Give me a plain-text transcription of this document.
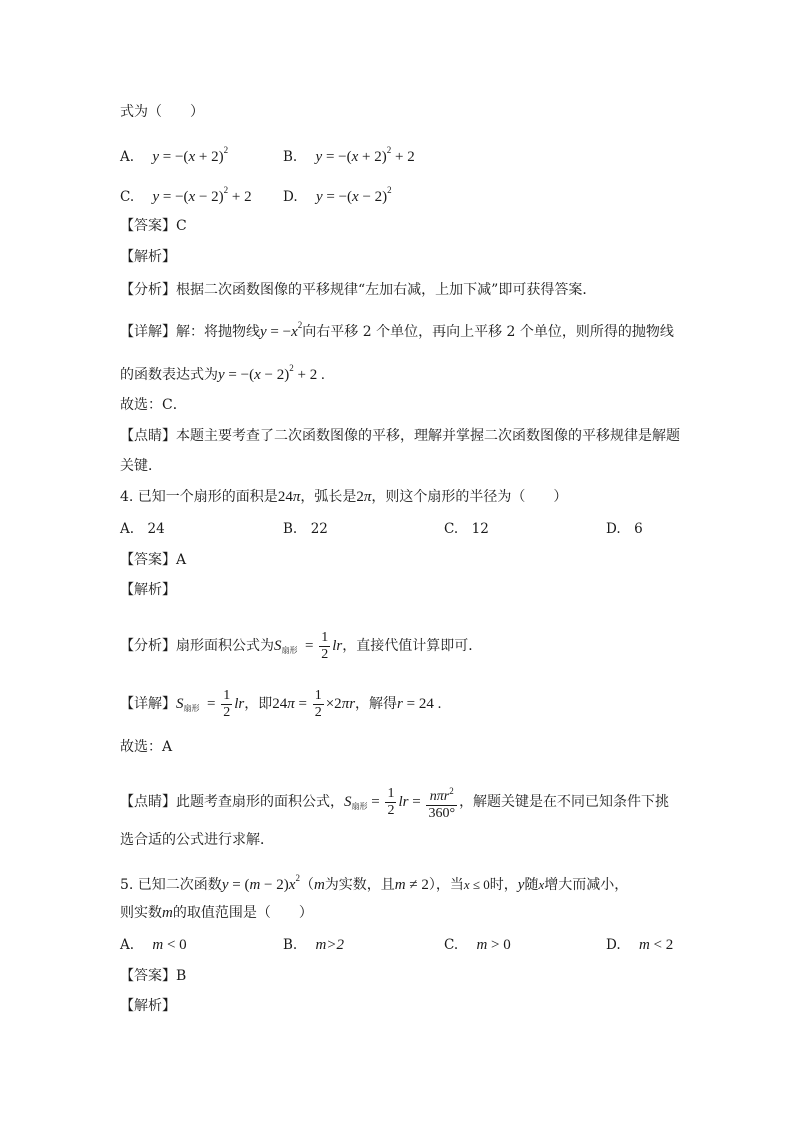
式为（　　）
A. $y = -(x + 2)^2$	B. $y = -(x + 2)^2 + 2$
C. $y = -(x - 2)^2 + 2$ D. $y = -(x - 2)^2$
【答案】C
【解析】
【分析】根据二次函数图像的平移规律“左加右减，上加下减”即可获得答案．
【详解】解：将抛物线$y = -x^2$向右平移 2 个单位，再向上平移 2 个单位，则所得的抛物线
的函数表达式为$y = -(x - 2)^2 + 2$ .
故选：C．
【点睛】本题主要考查了二次函数图像的平移，理解并掌握二次函数图像的平移规律是解题
关键．
4. 已知一个扇形的面积是24π，弧长是2π，则这个扇形的半径为（　　）
A.　24	B.　22	C.　12	D.　6
【答案】A
【解析】
【分析】扇形面积公式为$S_{扇形} = \frac{1}{2}$ lr，直接代值计算即可．
【详解】$S_{扇形} = \frac{1}{2}$ lr，即$24\pi = \frac{1}{2} \times 2\pi r$，解得r = 24 .
故选：A
【点睛】此题考查扇形的面积公式，$S_{扇形} = \frac{1}{2}$ lr = $\frac{n\pi r^2}{360^\circ}$ ，解题关键是在不同已知条件下挑
选合适的公式进行求解．
5. 已知二次函数$y = (m - 2)x^2(m$为实数，且m ≠ 2），当x ≤ 0时，y随x增大而减小，
则实数m的取值范围是（　　）
A. m < 0	B. m>2	C. m > 0	D. m < 2
【答案】B
【解析】
